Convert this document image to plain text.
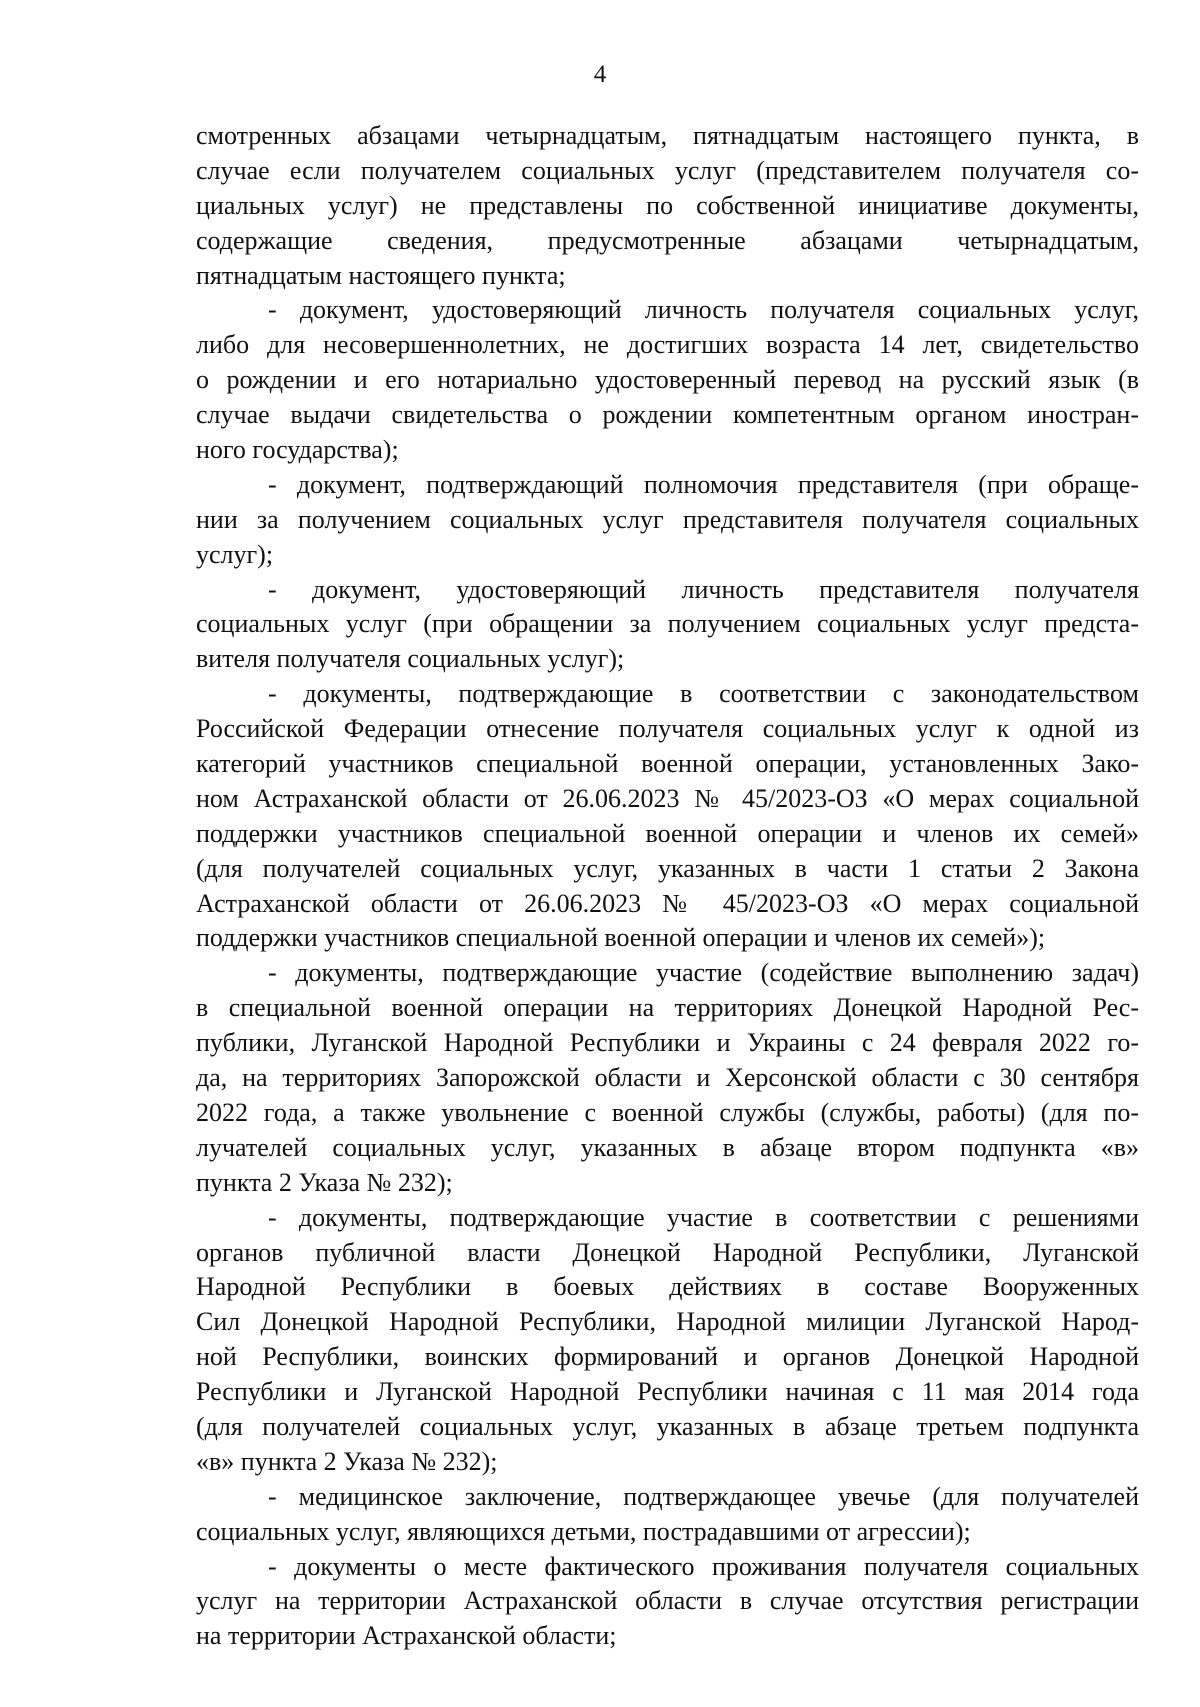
4
смотренных абзацами четырнадцатым, пятнадцатым настоящего пункта, в
случае если получателем социальных услуг (представителем получателя со-
циальных услуг) не представлены по собственной инициативе документы,
содержащие сведения, предусмотренные абзацами четырнадцатым,
пятнадцатым настоящего пункта;
- документ, удостоверяющий личность получателя социальных услуг,
либо для несовершеннолетних, не достигших возраста 14 лет, свидетельство
о рождении и его нотариально удостоверенный перевод на русский язык (в
случае выдачи свидетельства о рождении компетентным органом иностран-
ного государства);
- документ, подтверждающий полномочия представителя (при обраще-
нии за получением социальных услуг представителя получателя социальных
услуг);
- документ, удостоверяющий личность представителя получателя
социальных услуг (при обращении за получением социальных услуг предста-
вителя получателя социальных услуг);
- документы, подтверждающие в соответствии с законодательством
Российской Федерации отнесение получателя социальных услуг к одной из
категорий участников специальной военной операции, установленных Зако-
ном Астраханской области от 26.06.2023 № 45/2023-ОЗ «О мерах социальной
поддержки участников специальной военной операции и членов их семей»
(для получателей социальных услуг, указанных в части 1 статьи 2 Закона
Астраханской области от 26.06.2023 № 45/2023-ОЗ «О мерах социальной
поддержки участников специальной военной операции и членов их семей»);
- документы, подтверждающие участие (содействие выполнению задач)
в специальной военной операции на территориях Донецкой Народной Рес-
публики, Луганской Народной Республики и Украины с 24 февраля 2022 го-
да, на территориях Запорожской области и Херсонской области с 30 сентября
2022 года, а также увольнение с военной службы (службы, работы) (для по-
лучателей социальных услуг, указанных в абзаце втором подпункта «в»
пункта 2 Указа № 232);
- документы, подтверждающие участие в соответствии с решениями
органов публичной власти Донецкой Народной Республики, Луганской
Народной Республики в боевых действиях в составе Вооруженных
Сил Донецкой Народной Республики, Народной милиции Луганской Народ-
ной Республики, воинских формирований и органов Донецкой Народной
Республики и Луганской Народной Республики начиная с 11 мая 2014 года
(для получателей социальных услуг, указанных в абзаце третьем подпункта
«в» пункта 2 Указа № 232);
- медицинское заключение, подтверждающее увечье (для получателей
социальных услуг, являющихся детьми, пострадавшими от агрессии);
- документы о месте фактического проживания получателя социальных
услуг на территории Астраханской области в случае отсутствия регистрации
на территории Астраханской области;
